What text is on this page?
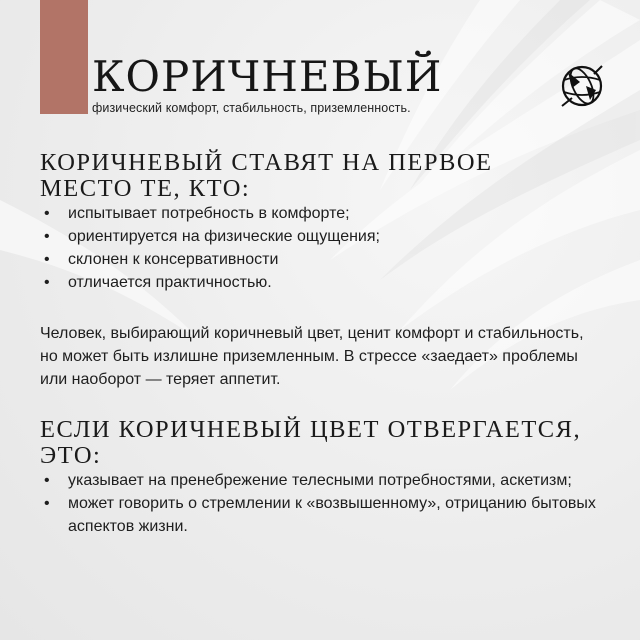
КОРИЧНЕВЫЙ

физический комфорт, стабильность, приземленность.

КОРИЧНЕВЫЙ СТАВЯТ НА ПЕРВОЕ
МЕСТО ТЕ, КТО:
• испытывает потребность в комфорте;
• ориентируется на физические ощущения;
• склонен к консервативности
• отличается практичностью.

Человек, выбирающий коричневый цвет, ценит комфорт и стабильность, но может быть излишне приземленным. В стрессе «заедает» проблемы или наоборот — теряет аппетит.

ЕСЛИ КОРИЧНЕВЫЙ ЦВЕТ ОТВЕРГАЕТСЯ,
ЭТО:
• указывает на пренебрежение телесными потребностями, аскетизм;
• может говорить о стремлении к «возвышенному», отрицанию бытовых аспектов жизни.
